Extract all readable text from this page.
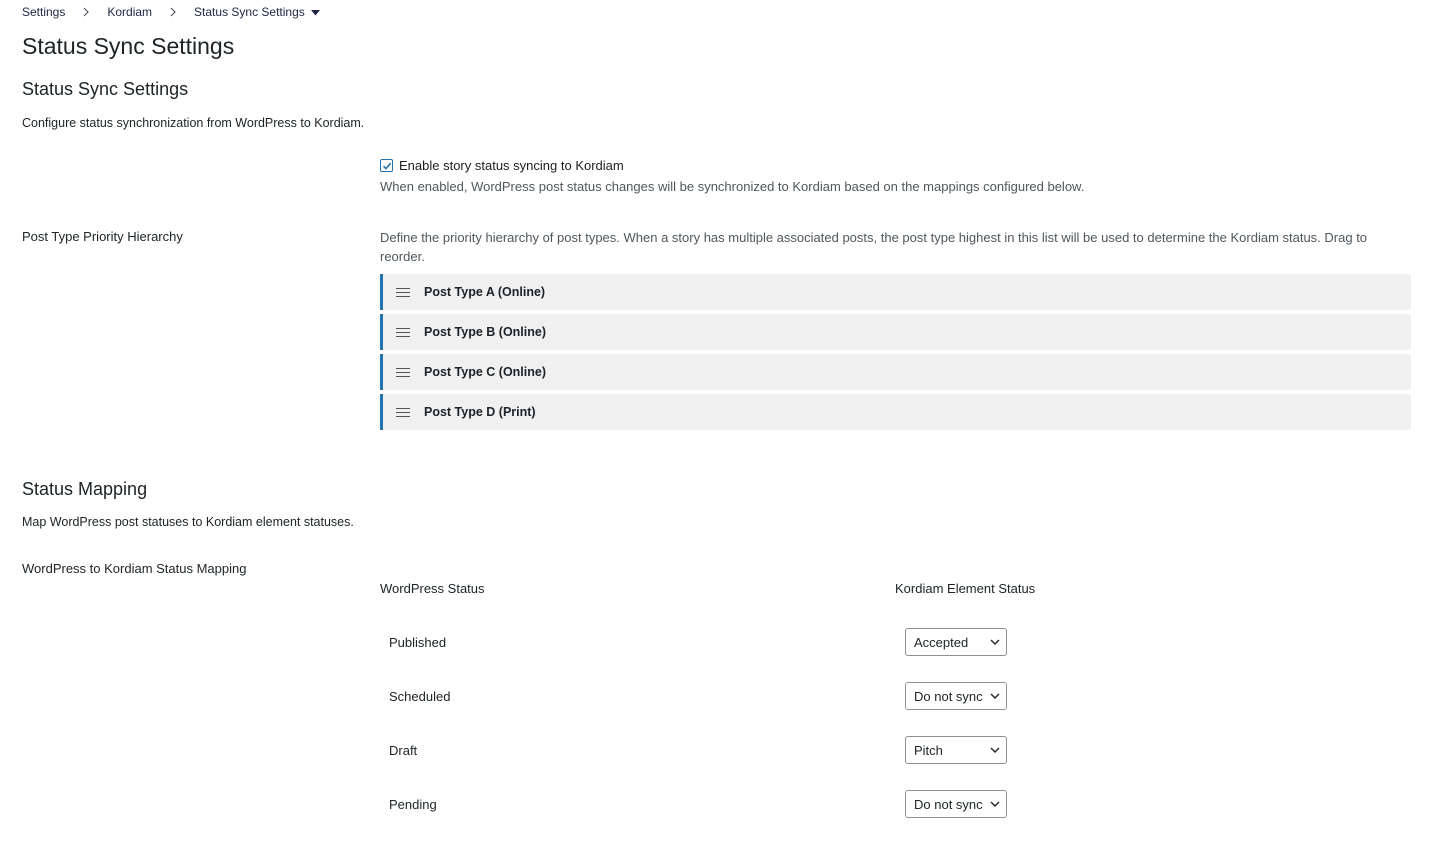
Settings	Kordiam	Status Sync Settings
Status Sync Settings
Status Sync Settings

Configure status synchronization from WordPress to Kordiam.

Enable story status syncing to Kordiam

When enabled, WordPress post status changes will be synchronized to Kordiam based on the mappings configured below.

Post Type Priority Hierarchy	Define the priority hierarchy of post types. When a story has multiple associated posts, the post type highest in this list will be used to determine the Kordiam status. Drag to reorder.

Post Type A (Online)
Post Type B (Online)
Post Type C (Online)
Post Type D (Print)
Status Mapping

Map WordPress post statuses to Kordiam element statuses.

WordPress to Kordiam Status Mapping
WordPress Status	Kordiam Element Status
Published	Accepted
Scheduled	Do not sync
Draft	Pitch
Pending	Do not sync
